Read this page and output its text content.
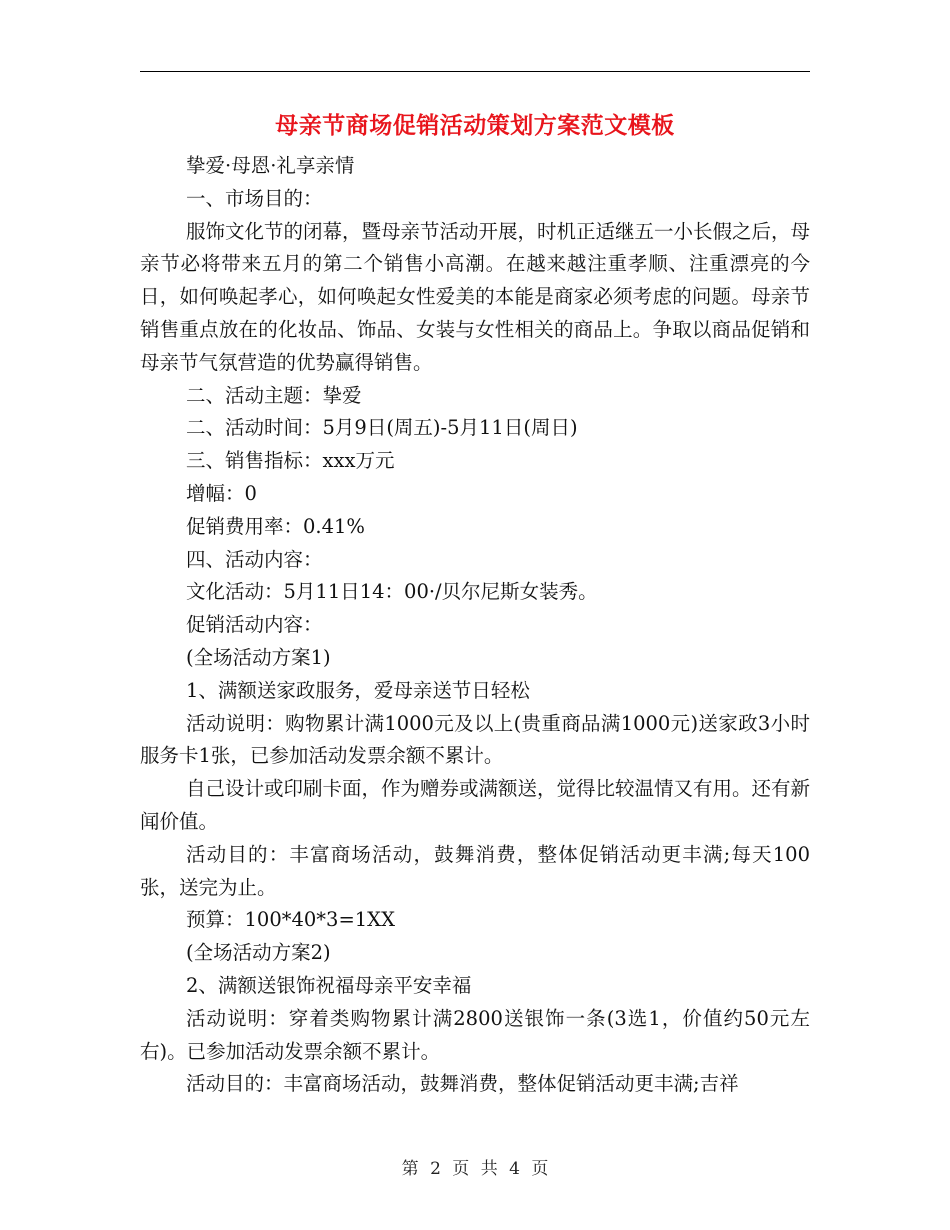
母亲节商场促销活动策划方案范文模板

挚爱·母恩·礼享亲情

一、市场目的：

服饰文化节的闭幕，暨母亲节活动开展，时机正适继五一小长假之后，母亲节必将带来五月的第二个销售小高潮。在越来越注重孝顺、注重漂亮的今日，如何唤起孝心，如何唤起女性爱美的本能是商家必须考虑的问题。母亲节销售重点放在的化妆品、饰品、女装与女性相关的商品上。争取以商品促销和母亲节气氛营造的优势赢得销售。

二、活动主题：挚爱

二、活动时间：5月9日(周五)-5月11日(周日)

三、销售指标：xxx万元

增幅：0

促销费用率：0.41%

四、活动内容：

文化活动：5月11日14：00·/贝尔尼斯女装秀。

促销活动内容：

(全场活动方案1)

1、满额送家政服务，爱母亲送节日轻松

活动说明：购物累计满1000元及以上(贵重商品满1000元)送家政3小时服务卡1张，已参加活动发票余额不累计。

自己设计或印刷卡面，作为赠券或满额送，觉得比较温情又有用。还有新闻价值。

活动目的：丰富商场活动，鼓舞消费，整体促销活动更丰满;每天100张，送完为止。

预算：100*40*3=1XX

(全场活动方案2)

2、满额送银饰祝福母亲平安幸福

活动说明：穿着类购物累计满2800送银饰一条(3选1，价值约50元左右)。已参加活动发票余额不累计。

活动目的：丰富商场活动，鼓舞消费，整体促销活动更丰满;吉祥

第 2 页 共 4 页
